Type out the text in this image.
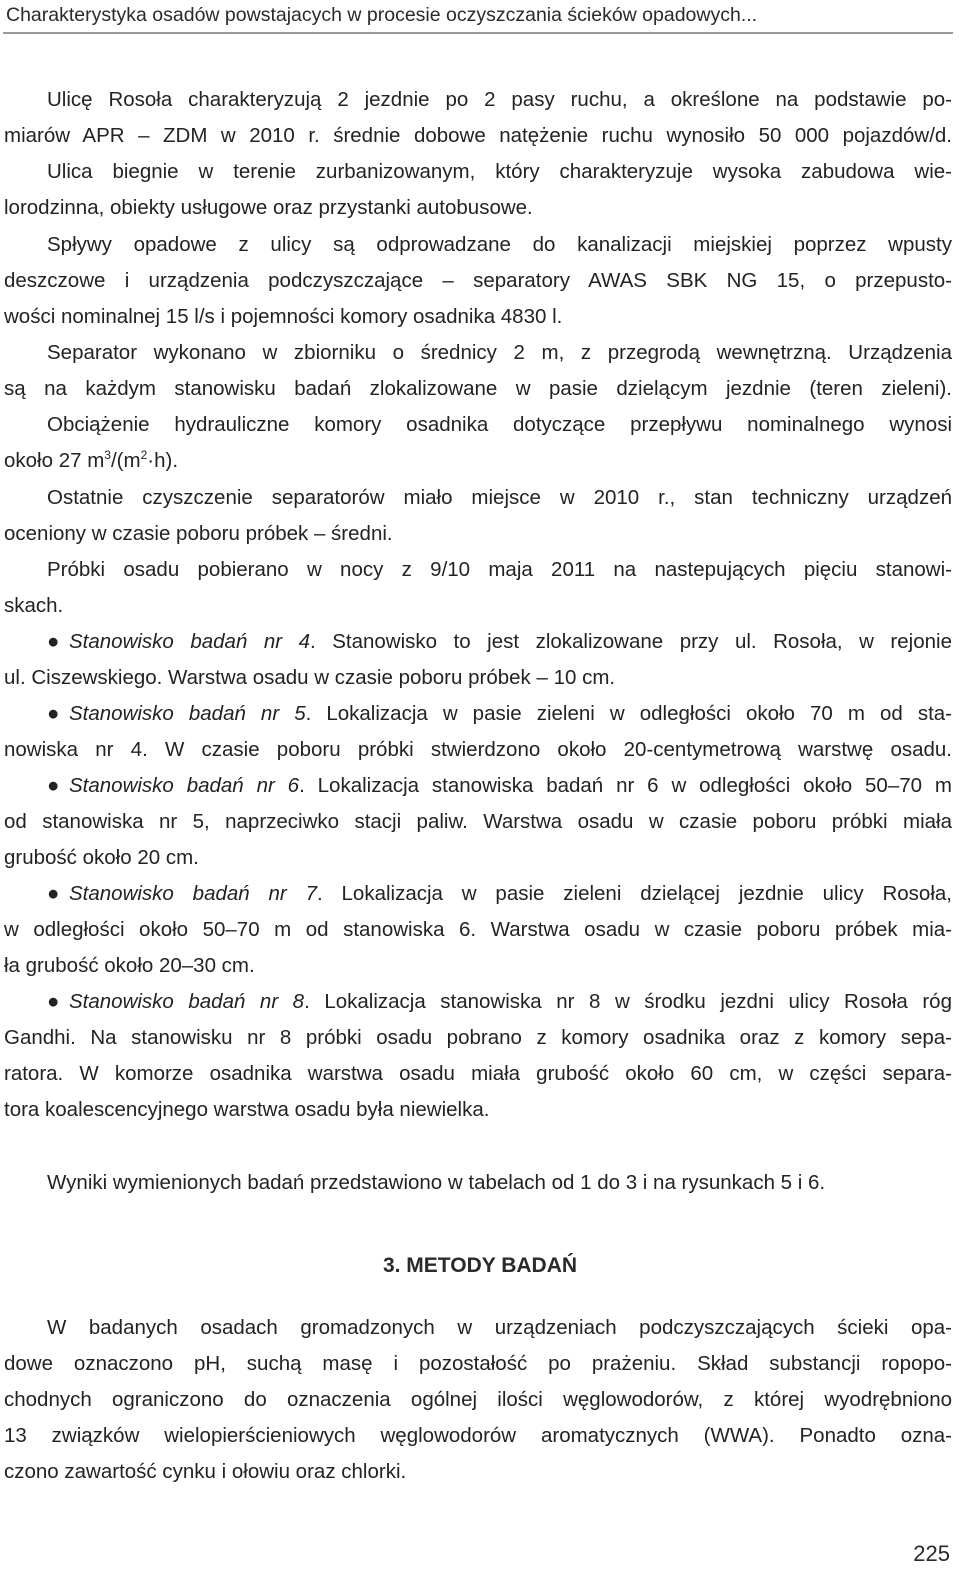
Charakterystyka osadów powstajacych w procesie oczyszczania ścieków opadowych...
Ulicę Rosoła charakteryzują 2 jezdnie po 2 pasy ruchu, a określone na podstawie po-
miarów APR – ZDM w 2010 r. średnie dobowe natężenie ruchu wynosiło 50 000 pojazdów/d.
Ulica biegnie w terenie zurbanizowanym, który charakteryzuje wysoka zabudowa wie-
lorodzinna, obiekty usługowe oraz przystanki autobusowe.
Spływy opadowe z ulicy są odprowadzane do kanalizacji miejskiej poprzez wpusty
deszczowe i urządzenia podczyszczające – separatory AWAS SBK NG 15, o przepusto-
wości nominalnej 15 l/s i pojemności komory osadnika 4830 l.
Separator wykonano w zbiorniku o średnicy 2 m, z przegrodą wewnętrzną. Urządzenia
są na każdym stanowisku badań zlokalizowane w pasie dzielącym jezdnie (teren zieleni).
Obciążenie hydrauliczne komory osadnika dotyczące przepływu nominalnego wynosi
około 27 $m^3/(m^2\cdot h)$.
Ostatnie czyszczenie separatorów miało miejsce w 2010 r., stan techniczny urządzeń
oceniony w czasie poboru próbek – średni.
Próbki osadu pobierano w nocy z 9/10 maja 2011 na nastepujących pięciu stanowi-
skach.
● Stanowisko badań nr 4. Stanowisko to jest zlokalizowane przy ul. Rosoła, w rejonie
ul. Ciszewskiego. Warstwa osadu w czasie poboru próbek – 10 cm.
● Stanowisko badań nr 5. Lokalizacja w pasie zieleni w odległości około 70 m od sta-
nowiska nr 4. W czasie poboru próbki stwierdzono około 20-centymetrową warstwę osadu.
● Stanowisko badań nr 6. Lokalizacja stanowiska badań nr 6 w odległości około 50–70 m
od stanowiska nr 5, naprzeciwko stacji paliw. Warstwa osadu w czasie poboru próbki miała
grubość około 20 cm.
● Stanowisko badań nr 7. Lokalizacja w pasie zieleni dzielącej jezdnie ulicy Rosoła,
w odległości około 50–70 m od stanowiska 6. Warstwa osadu w czasie poboru próbek mia-
ła grubość około 20–30 cm.
● Stanowisko badań nr 8. Lokalizacja stanowiska nr 8 w środku jezdni ulicy Rosoła róg
Gandhi. Na stanowisku nr 8 próbki osadu pobrano z komory osadnika oraz z komory sepa-
ratora. W komorze osadnika warstwa osadu miała grubość około 60 cm, w części separa-
tora koalescencyjnego warstwa osadu była niewielka.
Wyniki wymienionych badań przedstawiono w tabelach od 1 do 3 i na rysunkach 5 i 6.
3. METODY BADAŃ
W badanych osadach gromadzonych w urządzeniach podczyszczających ścieki opa-
dowe oznaczono pH, suchą masę i pozostałość po prażeniu. Skład substancji ropopo-
chodnych ograniczono do oznaczenia ogólnej ilości węglowodorów, z której wyodrębniono
13 związków wielopierścieniowych węglowodorów aromatycznych (WWA). Ponadto ozna-
czono zawartość cynku i ołowiu oraz chlorki.
225
